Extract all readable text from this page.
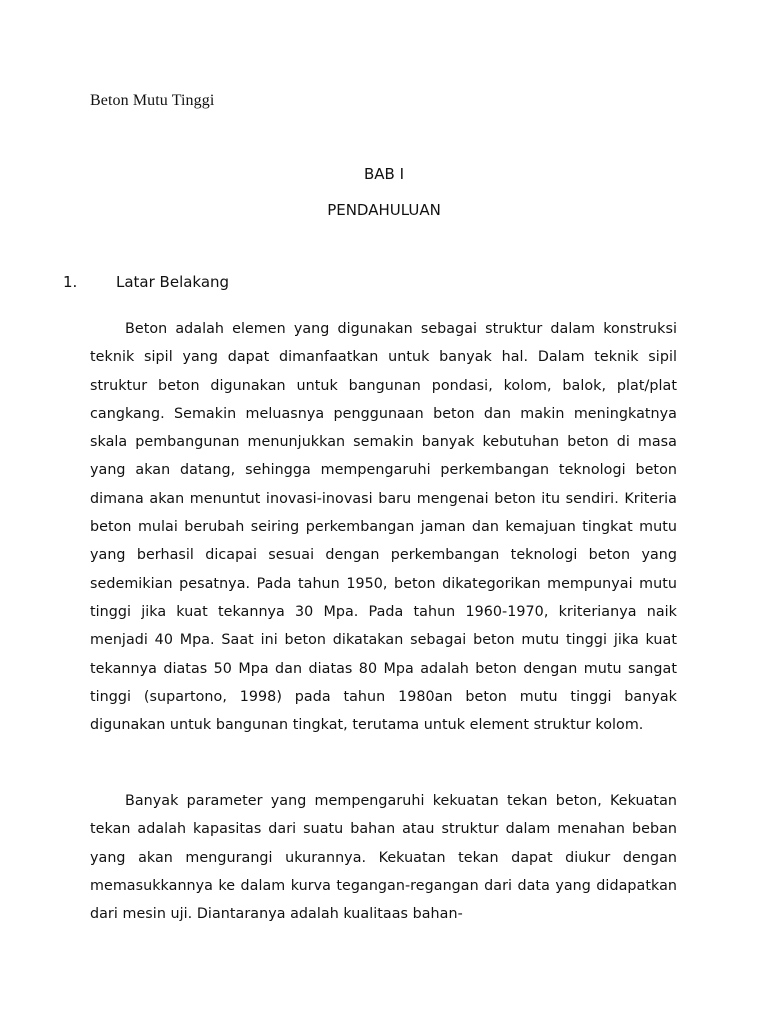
Beton Mutu Tinggi
BAB I
PENDAHULUAN
1.	Latar Belakang

Beton adalah elemen yang digunakan sebagai struktur dalam konstruksi teknik sipil yang dapat dimanfaatkan untuk banyak hal. Dalam teknik sipil struktur beton digunakan untuk bangunan pondasi, kolom, balok, plat/plat cangkang. Semakin meluasnya penggunaan beton dan makin meningkatnya skala pembangunan menunjukkan semakin banyak kebutuhan beton di masa yang akan datang, sehingga mempengaruhi perkembangan teknologi beton dimana akan menuntut inovasi-inovasi baru mengenai beton itu sendiri. Kriteria beton mulai berubah seiring perkembangan jaman dan kemajuan tingkat mutu yang berhasil dicapai sesuai dengan perkembangan teknologi beton yang sedemikian pesatnya. Pada tahun 1950, beton dikategorikan mempunyai mutu tinggi jika kuat tekannya 30 Mpa. Pada tahun 1960-1970, kriterianya naik menjadi 40 Mpa. Saat ini beton dikatakan sebagai beton mutu tinggi jika kuat tekannya diatas 50 Mpa dan diatas 80 Mpa adalah beton dengan mutu sangat tinggi (supartono, 1998) pada tahun 1980an beton mutu tinggi banyak digunakan untuk bangunan tingkat, terutama untuk element struktur kolom.

Banyak parameter yang mempengaruhi kekuatan tekan beton, Kekuatan tekan adalah kapasitas dari suatu bahan atau struktur dalam menahan beban yang akan mengurangi ukurannya. Kekuatan tekan dapat diukur dengan memasukkannya ke dalam kurva tegangan-regangan dari data yang didapatkan dari mesin uji. Diantaranya adalah kualitaas bahan-
